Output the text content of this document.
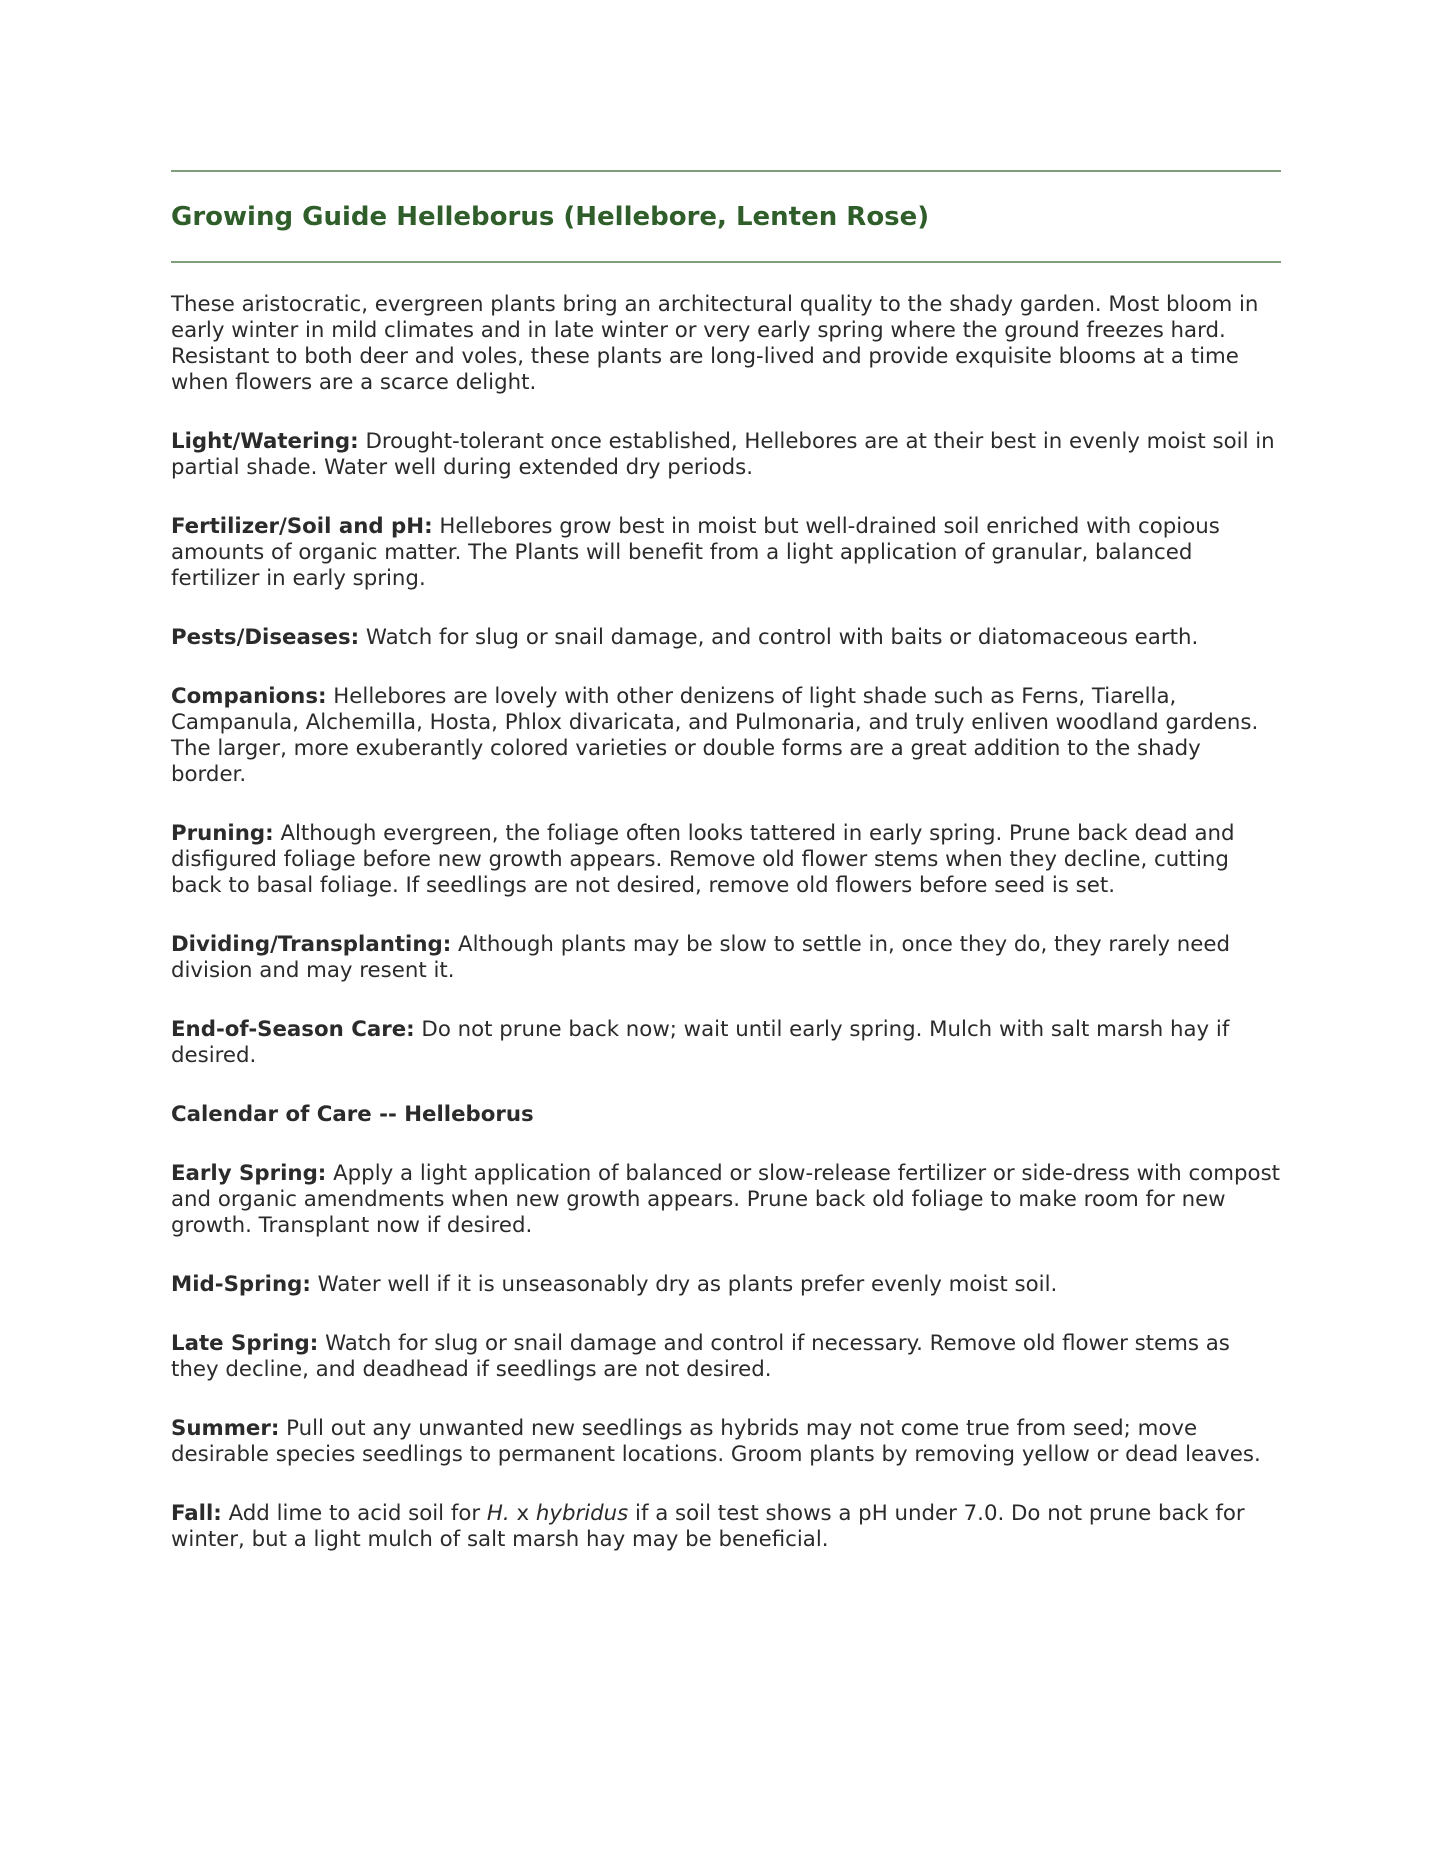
Growing Guide Helleborus (Hellebore, Lenten Rose)

These aristocratic, evergreen plants bring an architectural quality to the shady garden. Most bloom in early winter in mild climates and in late winter or very early spring where the ground freezes hard. Resistant to both deer and voles, these plants are long-lived and provide exquisite blooms at a time when flowers are a scarce delight.

Light/Watering: Drought-tolerant once established, Hellebores are at their best in evenly moist soil in partial shade. Water well during extended dry periods.

Fertilizer/Soil and pH: Hellebores grow best in moist but well-drained soil enriched with copious amounts of organic matter. The Plants will benefit from a light application of granular, balanced fertilizer in early spring.

Pests/Diseases: Watch for slug or snail damage, and control with baits or diatomaceous earth.

Companions: Hellebores are lovely with other denizens of light shade such as Ferns, Tiarella, Campanula, Alchemilla, Hosta, Phlox divaricata, and Pulmonaria, and truly enliven woodland gardens. The larger, more exuberantly colored varieties or double forms are a great addition to the shady border.

Pruning: Although evergreen, the foliage often looks tattered in early spring. Prune back dead and disfigured foliage before new growth appears. Remove old flower stems when they decline, cutting back to basal foliage. If seedlings are not desired, remove old flowers before seed is set.

Dividing/Transplanting: Although plants may be slow to settle in, once they do, they rarely need division and may resent it.

End-of-Season Care: Do not prune back now; wait until early spring. Mulch with salt marsh hay if desired.

Calendar of Care -- Helleborus

Early Spring: Apply a light application of balanced or slow-release fertilizer or side-dress with compost and organic amendments when new growth appears. Prune back old foliage to make room for new growth. Transplant now if desired.

Mid-Spring: Water well if it is unseasonably dry as plants prefer evenly moist soil.

Late Spring: Watch for slug or snail damage and control if necessary. Remove old flower stems as they decline, and deadhead if seedlings are not desired.

Summer: Pull out any unwanted new seedlings as hybrids may not come true from seed; move desirable species seedlings to permanent locations. Groom plants by removing yellow or dead leaves.

Fall: Add lime to acid soil for H. x hybridus if a soil test shows a pH under 7.0. Do not prune back for winter, but a light mulch of salt marsh hay may be beneficial.
